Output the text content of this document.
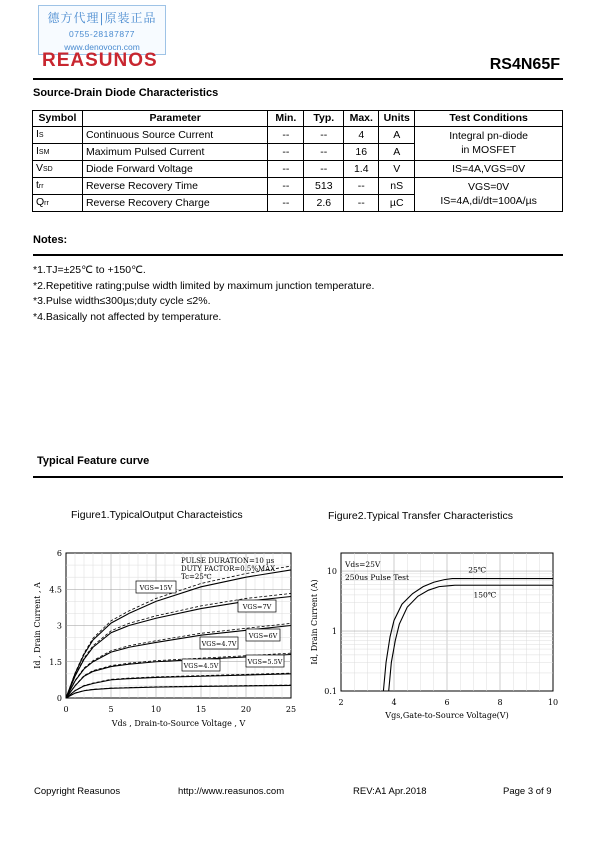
德方代理|原装正品
0755-28187877
www.denovocn.com
REASUNOS	RS4N65F
Source-Drain Diode Characteristics
Symbol	Parameter	Min.	Typ.	Max.	Units	Test Conditions
IS	Continuous Source Current	--	--	4	A	Integral pn-diode
in MOSFET

ISM	Maximum Pulsed Current	--	--	16	A	
VSD	Diode Forward Voltage	--	--	1.4	V	IS=4A,VGS=0V
trr	Reverse Recovery Time	--	513	--	nS	VGS=0V
IS=4A,di/dt=100A/µs

Qrr	Reverse Recovery Charge	--	2.6	--	µC	
Notes:
*1.TJ=±25℃ to +150℃.
*2.Repetitive rating;pulse width limited by maximum junction temperature.
*3.Pulse width≤300µs;duty cycle ≤2%.
*4.Basically not affected by temperature.
Typical Feature curve
Figure1.TypicalOutput Characteistics	Figure2.Typical Transfer Characteristics
0	5	10	15	20	25
0
1.5
3
4.5
6
Vds , Drain-to-Source Voltage , V
Id , Drain Current , A
PULSE DURATION=10 µs
DUTY FACTOR=0.5%MAX
Tc=25℃
VGS=15V
VGS=7V
VGS=6V
VGS=5.5V
VGS=4.7V
VGS=4.5V
2	4	6	8	10
0.1
1
10
Vgs,Gate-to-Source Voltage(V)
Id, Drain Current (A)
Vds=25V
250us Pulse Test
25℃
150℃
Copyright Reasunos	http://www.reasunos.com	REV:A1 Apr.2018	Page 3 of 9
